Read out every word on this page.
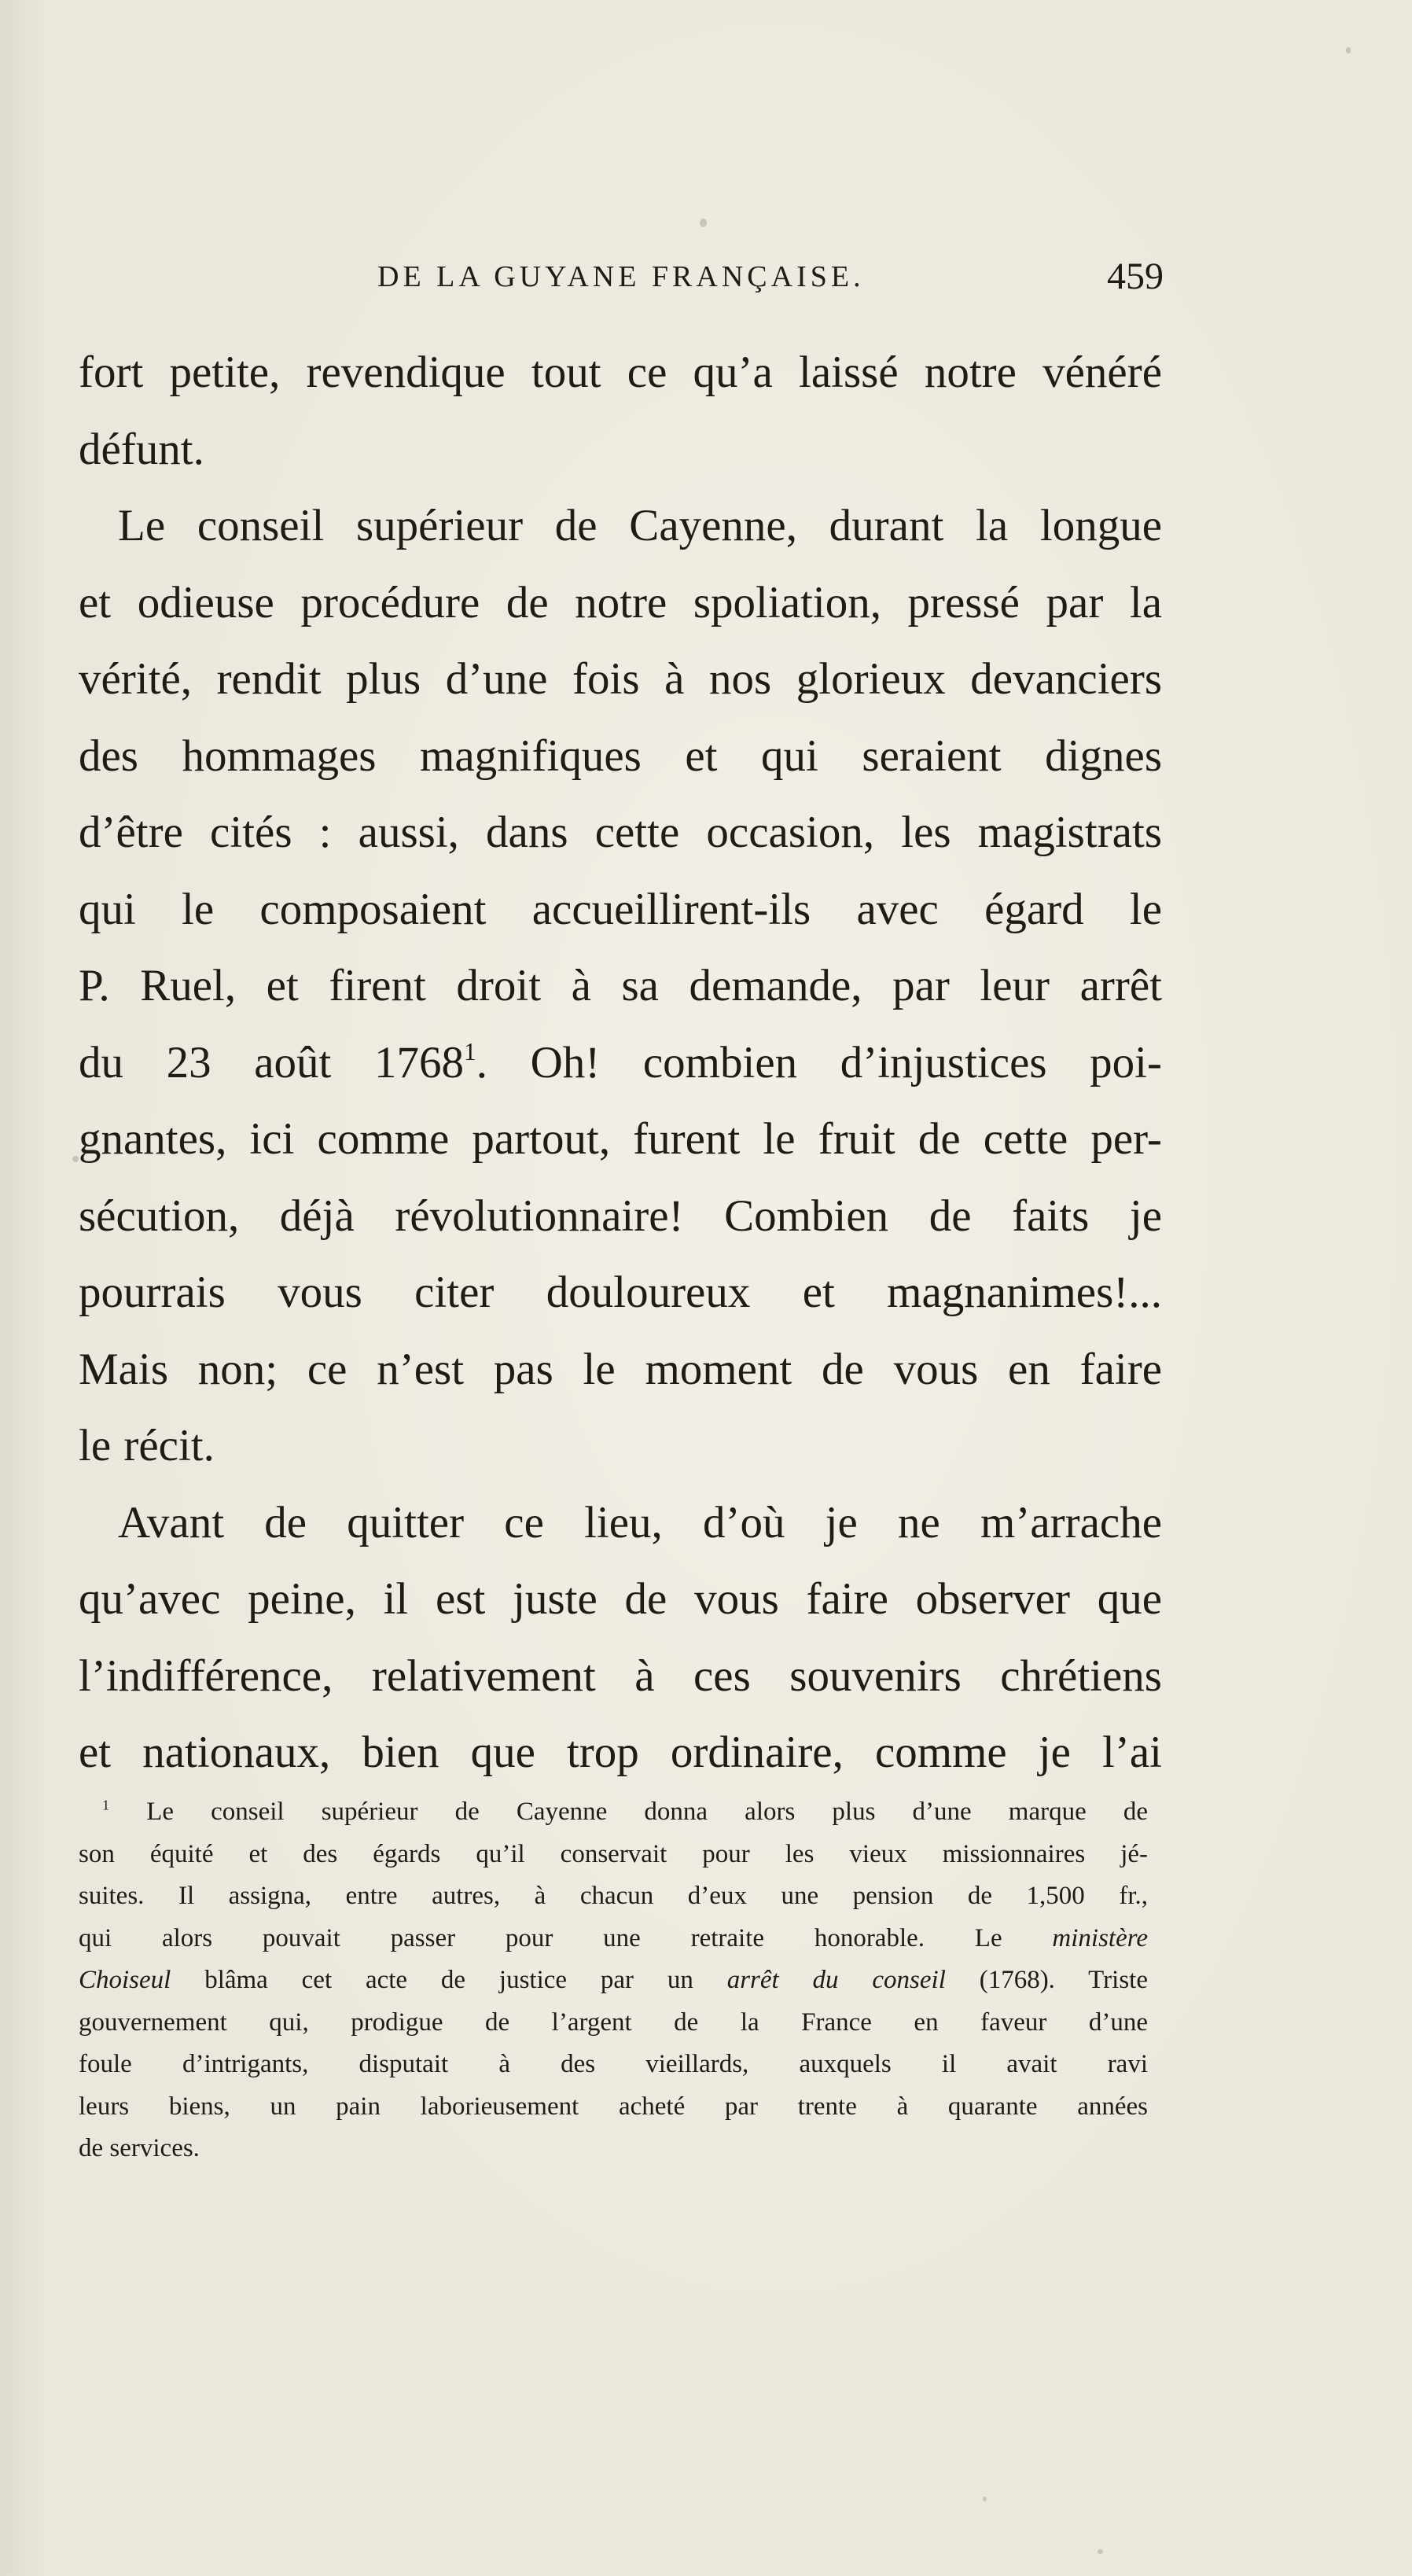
DE LA GUYANE FRANÇAISE.	459
fort petite, revendique tout ce qu’a laissé notre vénéré
défunt.
Le conseil supérieur de Cayenne, durant la longue
et odieuse procédure de notre spoliation, pressé par la
vérité, rendit plus d’une fois à nos glorieux devanciers
des hommages magnifiques et qui seraient dignes
d’être cités : aussi, dans cette occasion, les magistrats
qui le composaient accueillirent-ils avec égard le
P. Ruel, et firent droit à sa demande, par leur arrêt
du 23 août 1768$^1$. Oh! combien d’injustices poi-
gnantes, ici comme partout, furent le fruit de cette per-
sécution, déjà révolutionnaire! Combien de faits je
pourrais vous citer douloureux et magnanimes!...
Mais non; ce n’est pas le moment de vous en faire
le récit.
Avant de quitter ce lieu, d’où je ne m’arrache
qu’avec peine, il est juste de vous faire observer que
l’indifférence, relativement à ces souvenirs chrétiens
et nationaux, bien que trop ordinaire, comme je l’ai
$^1$ Le conseil supérieur de Cayenne donna alors plus d’une marque de
son équité et des égards qu’il conservait pour les vieux missionnaires jé-
suites. Il assigna, entre autres, à chacun d’eux une pension de 1,500 fr.,
qui alors pouvait passer pour une retraite honorable. Le ministère
Choiseul blâma cet acte de justice par un arrêt du conseil (1768). Triste
gouvernement qui, prodigue de l’argent de la France en faveur d’une
foule d’intrigants, disputait à des vieillards, auxquels il avait ravi
leurs biens, un pain laborieusement acheté par trente à quarante années
de services.
